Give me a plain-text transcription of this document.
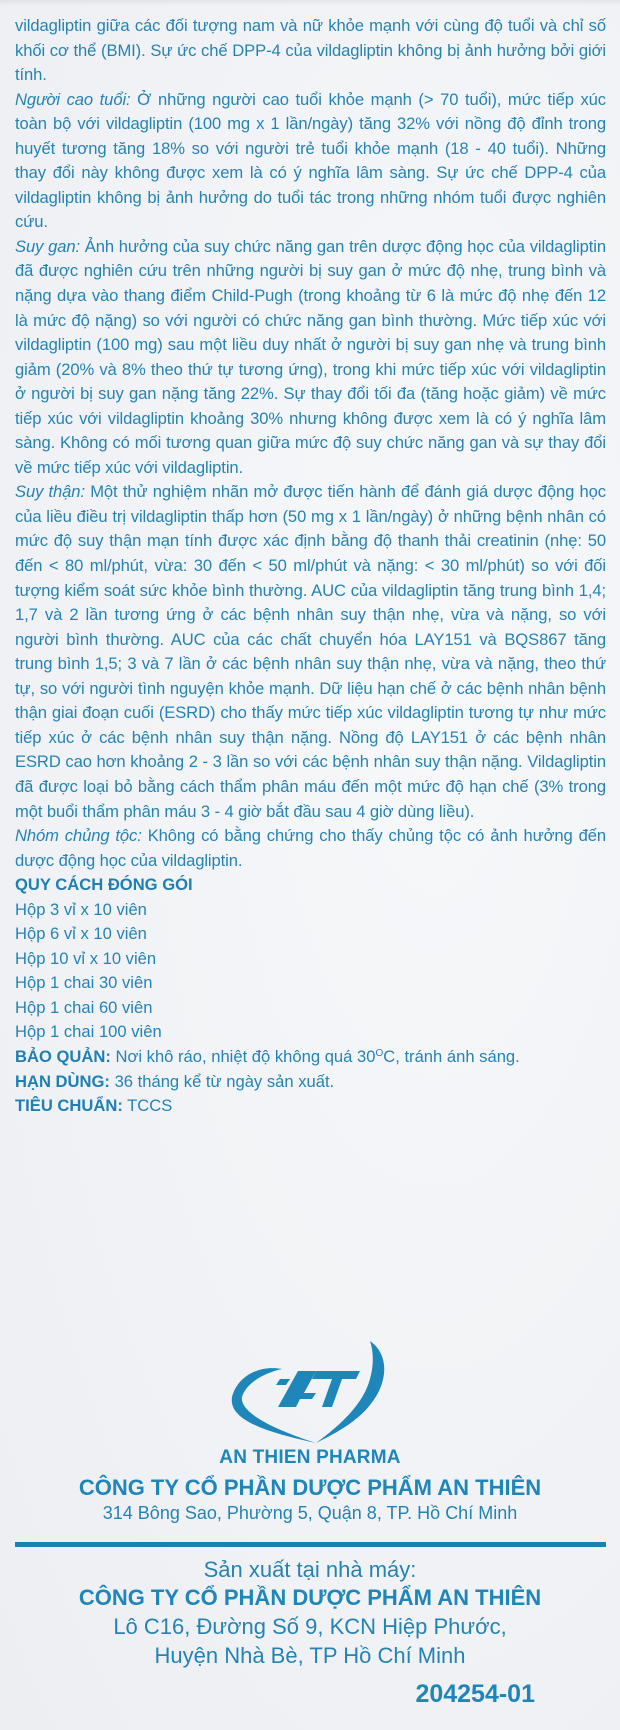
vildagliptin giữa các đối tượng nam và nữ khỏe mạnh với cùng độ tuổi và chỉ số khối cơ thể (BMI). Sự ức chế DPP-4 của vildagliptin không bị ảnh hưởng bởi giới tính.

Người cao tuổi: Ở những người cao tuổi khỏe mạnh (> 70 tuổi), mức tiếp xúc toàn bộ với vildagliptin (100 mg x 1 lần/ngày) tăng 32% với nồng độ đỉnh trong huyết tương tăng 18% so với người trẻ tuổi khỏe mạnh (18 - 40 tuổi). Những thay đổi này không được xem là có ý nghĩa lâm sàng. Sự ức chế DPP-4 của vildagliptin không bị ảnh hưởng do tuổi tác trong những nhóm tuổi được nghiên cứu.

Suy gan: Ảnh hưởng của suy chức năng gan trên dược động học của vildagliptin đã được nghiên cứu trên những người bị suy gan ở mức độ nhẹ, trung bình và nặng dựa vào thang điểm Child-Pugh (trong khoảng từ 6 là mức độ nhẹ đến 12 là mức độ nặng) so với người có chức năng gan bình thường. Mức tiếp xúc với vildagliptin (100 mg) sau một liều duy nhất ở người bị suy gan nhẹ và trung bình giảm (20% và 8% theo thứ tự tương ứng), trong khi mức tiếp xúc với vildagliptin ở người bị suy gan nặng tăng 22%. Sự thay đổi tối đa (tăng hoặc giảm) về mức tiếp xúc với vildagliptin khoảng 30% nhưng không được xem là có ý nghĩa lâm sàng. Không có mối tương quan giữa mức độ suy chức năng gan và sự thay đổi về mức tiếp xúc với vildagliptin.

Suy thận: Một thử nghiệm nhãn mở được tiến hành để đánh giá dược động học của liều điều trị vildagliptin thấp hơn (50 mg x 1 lần/ngày) ở những bệnh nhân có mức độ suy thận mạn tính được xác định bằng độ thanh thải creatinin (nhẹ: 50 đến < 80 ml/phút, vừa: 30 đến < 50 ml/phút và nặng: < 30 ml/phút) so với đối tượng kiểm soát sức khỏe bình thường. AUC của vildagliptin tăng trung bình 1,4; 1,7 và 2 lần tương ứng ở các bệnh nhân suy thận nhẹ, vừa và nặng, so với người bình thường. AUC của các chất chuyển hóa LAY151 và BQS867 tăng trung bình 1,5; 3 và 7 lần ở các bệnh nhân suy thận nhẹ, vừa và nặng, theo thứ tự, so với người tình nguyện khỏe mạnh. Dữ liệu hạn chế ở các bệnh nhân bệnh thận giai đoạn cuối (ESRD) cho thấy mức tiếp xúc vildagliptin tương tự như mức tiếp xúc ở các bệnh nhân suy thận nặng. Nồng độ LAY151 ở các bệnh nhân ESRD cao hơn khoảng 2 - 3 lần so với các bệnh nhân suy thận nặng. Vildagliptin đã được loại bỏ bằng cách thẩm phân máu đến một mức độ hạn chế (3% trong một buổi thẩm phân máu 3 - 4 giờ bắt đầu sau 4 giờ dùng liều).

Nhóm chủng tộc: Không có bằng chứng cho thấy chủng tộc có ảnh hưởng đến dược động học của vildagliptin.

QUY CÁCH ĐÓNG GÓI

Hộp 3 vỉ x 10 viên
Hộp 6 vỉ x 10 viên
Hộp 10 vỉ x 10 viên
Hộp 1 chai 30 viên
Hộp 1 chai 60 viên
Hộp 1 chai 100 viên

BẢO QUẢN: Nơi khô ráo, nhiệt độ không quá $30^OC$, tránh ánh sáng.

HẠN DÙNG: 36 tháng kể từ ngày sản xuất.

TIÊU CHUẨN: TCCS

AN THIEN PHARMA
CÔNG TY CỔ PHẦN DƯỢC PHẨM AN THIÊN
314 Bông Sao, Phường 5, Quận 8, TP. Hồ Chí Minh
Sản xuất tại nhà máy:
CÔNG TY CỔ PHẦN DƯỢC PHẨM AN THIÊN
Lô C16, Đường Số 9, KCN Hiệp Phước,
Huyện Nhà Bè, TP Hồ Chí Minh
204254-01
